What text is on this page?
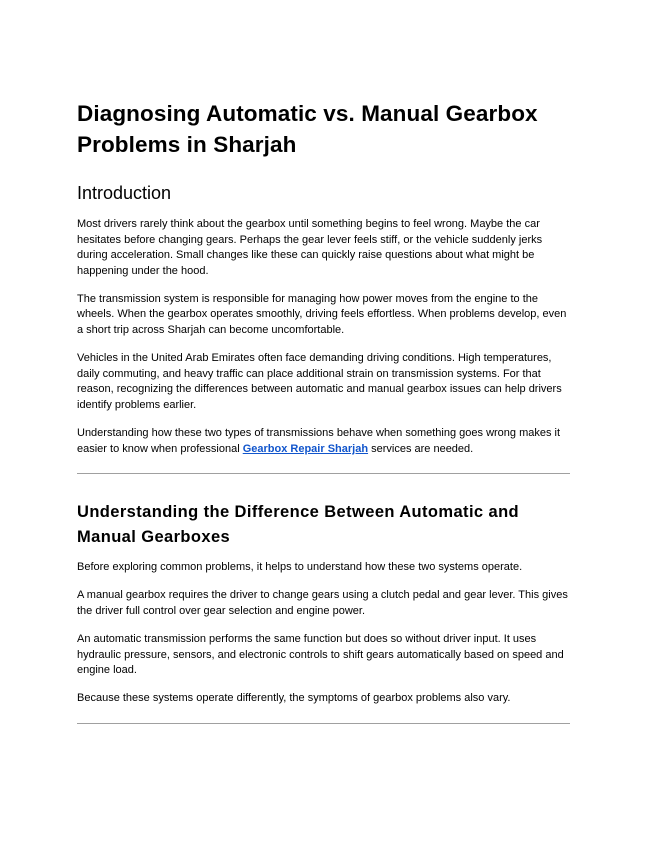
Diagnosing Automatic vs. Manual Gearbox Problems in Sharjah
Introduction

Most drivers rarely think about the gearbox until something begins to feel wrong. Maybe the car hesitates before changing gears. Perhaps the gear lever feels stiff, or the vehicle suddenly jerks during acceleration. Small changes like these can quickly raise questions about what might be happening under the hood.

The transmission system is responsible for managing how power moves from the engine to the wheels. When the gearbox operates smoothly, driving feels effortless. When problems develop, even a short trip across Sharjah can become uncomfortable.

Vehicles in the United Arab Emirates often face demanding driving conditions. High temperatures, daily commuting, and heavy traffic can place additional strain on transmission systems. For that reason, recognizing the differences between automatic and manual gearbox issues can help drivers identify problems earlier.

Understanding how these two types of transmissions behave when something goes wrong makes it easier to know when professional Gearbox Repair Sharjah services are needed.

Understanding the Difference Between Automatic and Manual Gearboxes

Before exploring common problems, it helps to understand how these two systems operate.

A manual gearbox requires the driver to change gears using a clutch pedal and gear lever. This gives the driver full control over gear selection and engine power.

An automatic transmission performs the same function but does so without driver input. It uses hydraulic pressure, sensors, and electronic controls to shift gears automatically based on speed and engine load.

Because these systems operate differently, the symptoms of gearbox problems also vary.
